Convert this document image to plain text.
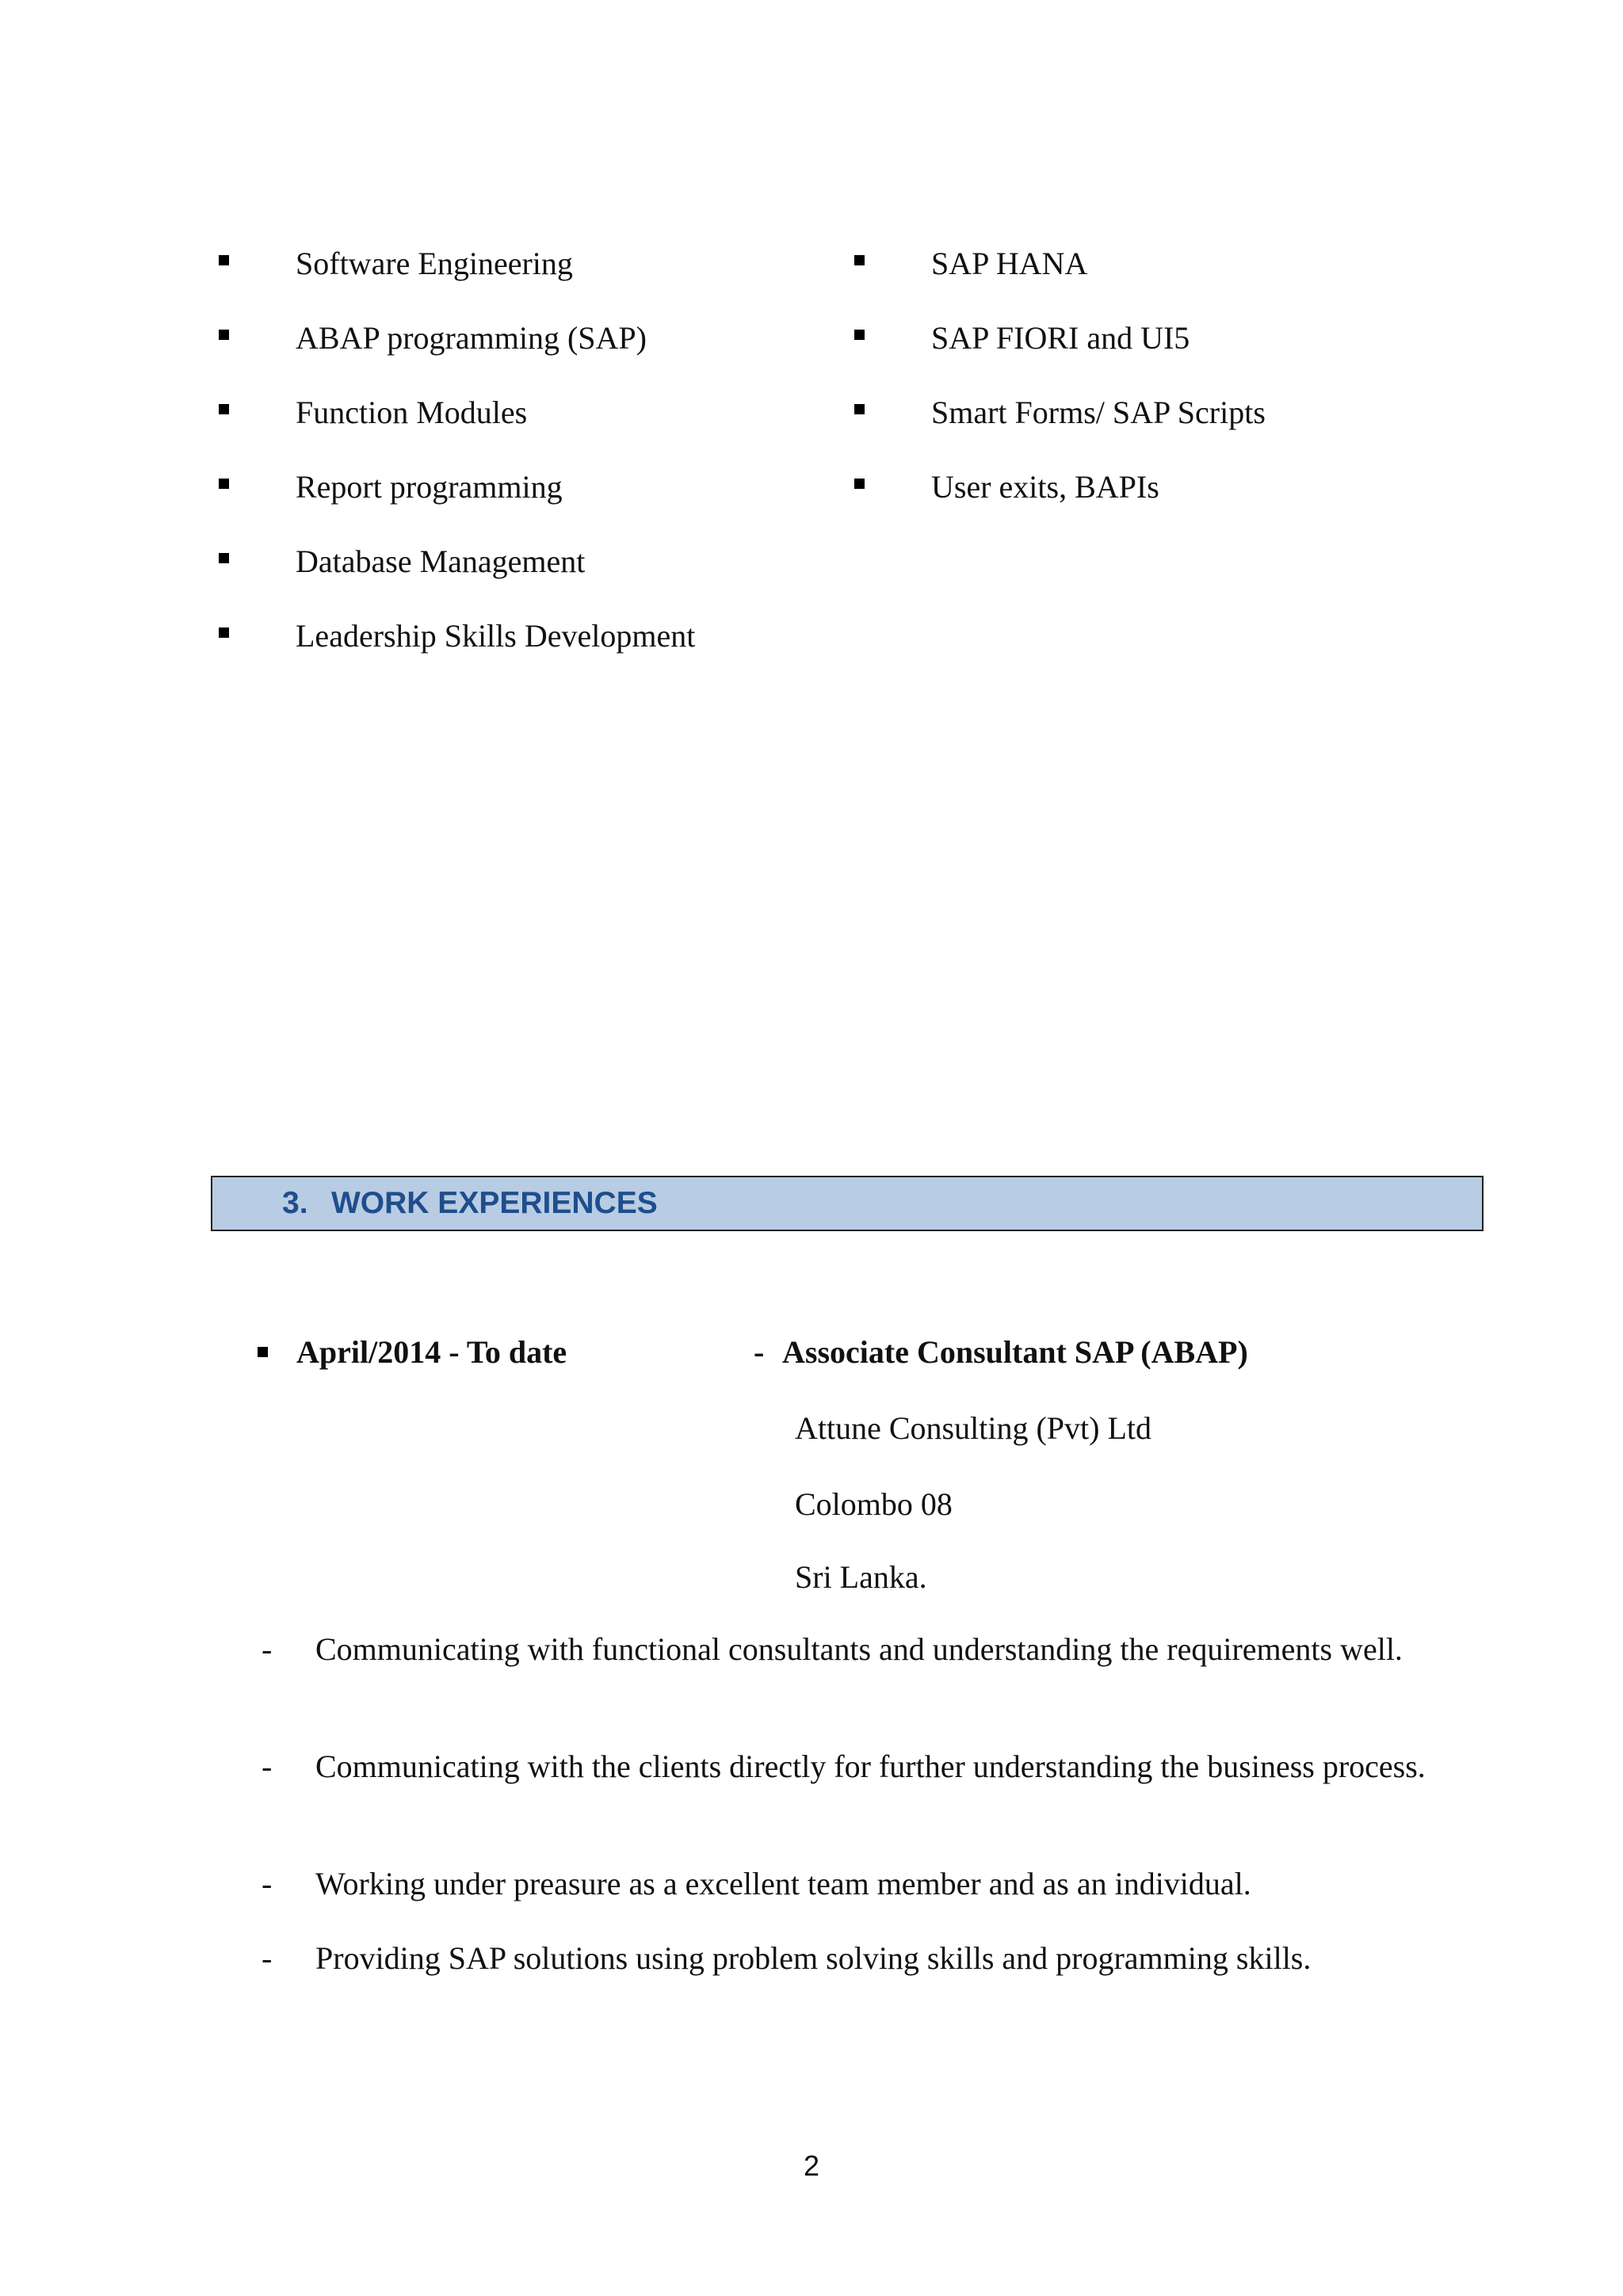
Software Engineering
ABAP programming (SAP)
Function Modules
Report programming
Database Management
Leadership Skills Development
SAP HANA
SAP FIORI and UI5
Smart Forms/ SAP Scripts
User exits, BAPIs
3. WORK EXPERIENCES
April/2014 - To date	- Associate Consultant SAP (ABAP)
Attune Consulting (Pvt) Ltd
Colombo 08
Sri Lanka.
-	Communicating with functional consultants and understanding the requirements well.
-	Communicating with the clients directly for further understanding the business process.
-	Working under preasure as a excellent team member and as an individual.
-	Providing SAP solutions using problem solving skills and programming skills.
2
